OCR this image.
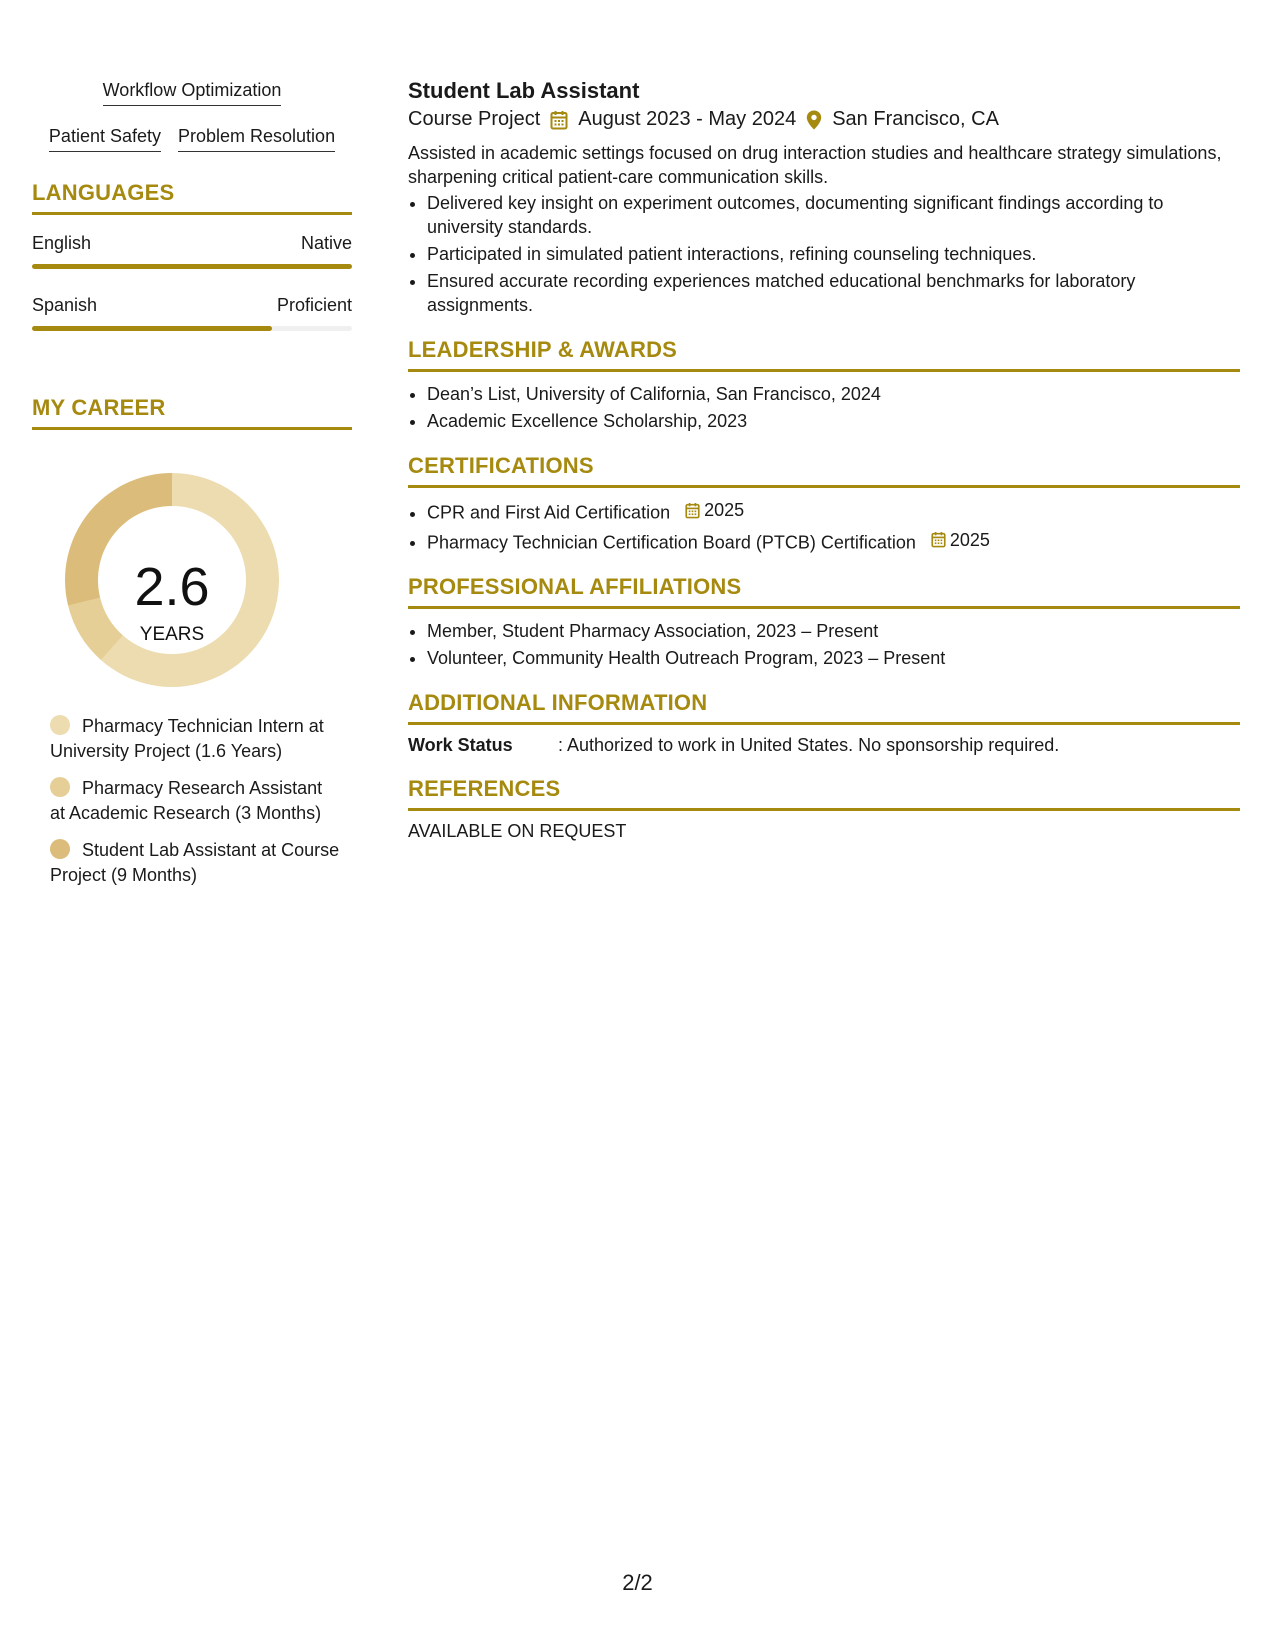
Workflow Optimization
Patient Safety Problem Resolution
LANGUAGES
English	Native
Spanish	Proficient
MY CAREER
2.6
YEARS
Pharmacy Technician Intern at University Project (1.6 Years)
Pharmacy Research Assistant at Academic Research (3 Months)
Student Lab Assistant at Course Project (9 Months)
Student Lab Assistant
Course Project August 2023 - May 2024 San Francisco, CA

Assisted in academic settings focused on drug interaction studies and healthcare strategy simulations, sharpening critical patient-care communication skills.

• Delivered key insight on experiment outcomes, documenting significant findings according to university standards.
• Participated in simulated patient interactions, refining counseling techniques.
• Ensured accurate recording experiences matched educational benchmarks for laboratory assignments.
LEADERSHIP & AWARDS
• Dean’s List, University of California, San Francisco, 2024
• Academic Excellence Scholarship, 2023
CERTIFICATIONS
• CPR and First Aid Certification 2025
• Pharmacy Technician Certification Board (PTCB) Certification 2025
PROFESSIONAL AFFILIATIONS
• Member, Student Pharmacy Association, 2023 – Present
• Volunteer, Community Health Outreach Program, 2023 – Present
ADDITIONAL INFORMATION
Work Status	: Authorized to work in United States. No sponsorship required.
REFERENCES
AVAILABLE ON REQUEST
2/2
